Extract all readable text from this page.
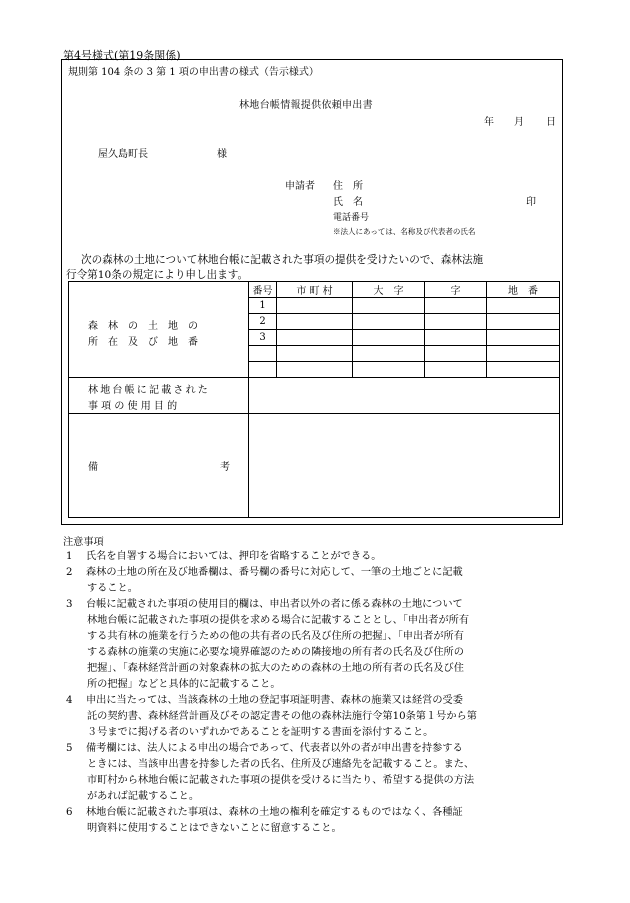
第4号様式(第19条関係)
規則第 104 条の 3 第 1 項の申出書の様式（告示様式）
林地台帳情報提供依頼申出書
年 月 日
屋久島町長	様
申請者 住　所
氏　名	印
電話番号
※法人にあっては、名称及び代表者の氏名
次の森林の土地について林地台帳に記載された事項の提供を受けたいので、森林法施
行令第10条の規定により申し出ます。
番号	市 町 村	大　字	字	地　番
1
2
3
森　林　の　土　地　の
所　在　及　び　地　番
林地台帳に記載された
事 項 の 使 用 目 的
備	考
注意事項
1 氏名を自署する場合においては、押印を省略することができる。
2 森林の土地の所在及び地番欄は、番号欄の番号に対応して、一筆の土地ごとに記載
すること。
3 台帳に記載された事項の使用目的欄は、申出者以外の者に係る森林の土地について
林地台帳に記載された事項の提供を求める場合に記載することとし、「申出者が所有
する共有林の施業を行うための他の共有者の氏名及び住所の把握」、「申出者が所有
する森林の施業の実施に必要な境界確認のための隣接地の所有者の氏名及び住所の
把握」、「森林経営計画の対象森林の拡大のための森林の土地の所有者の氏名及び住
所の把握」などと具体的に記載すること。
4 申出に当たっては、当該森林の土地の登記事項証明書、森林の施業又は経営の受委
託の契約書、森林経営計画及びその認定書その他の森林法施行令第10条第１号から第
３号までに掲げる者のいずれかであることを証明する書面を添付すること。
5 備考欄には、法人による申出の場合であって、代表者以外の者が申出書を持参する
ときには、当該申出書を持参した者の氏名、住所及び連絡先を記載すること。また、
市町村から林地台帳に記載された事項の提供を受けるに当たり、希望する提供の方法
があれば記載すること。
6 林地台帳に記載された事項は、森林の土地の権利を確定するものではなく、各種証
明資料に使用することはできないことに留意すること。
